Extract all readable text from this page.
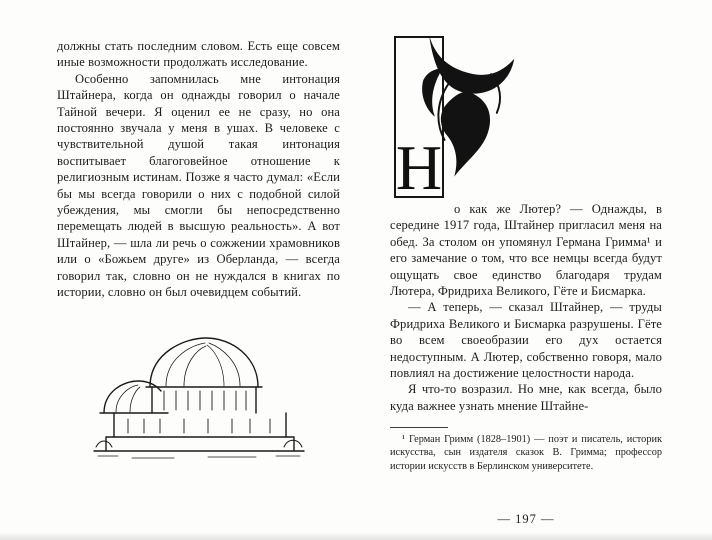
должны стать последним словом. Есть еще совсем иные возможности продолжать исследование.

Особенно запомнилась мне интонация Штайнера, когда он однажды говорил о начале Тайной вечери. Я оценил ее не сразу, но она постоянно звучала у меня в ушах. В человеке с чувствительной душой такая интонация воспитывает благоговейное отношение к религиозным истинам. Позже я часто думал: «Если бы мы всегда говорили о них с подобной силой убеждения, мы смогли бы непосредственно перемещать людей в высшую реальность». А вот Штайнер, — шла ли речь о сожжении храмовников или о «Божьем друге» из Оберланда, — всегда говорил так, словно он не нуждался в книгах по истории, словно он был очевидцем событий.

Н

о как же Лютер? — Однажды, в середине 1917 года, Штайнер пригласил меня на обед. За столом он упомянул Германа Гримма¹ и его замечание о том, что все немцы всегда будут ощущать свое единство благодаря трудам Лютера, Фридриха Великого, Гёте и Бисмарка.

— А теперь, — сказал Штайнер, — труды Фридриха Великого и Бисмарка разрушены. Гёте во всем своеобразии его дух остается недоступным. А Лютер, собственно говоря, мало повлиял на достижение целостности народа.

Я что-то возразил. Но мне, как всегда, было куда важнее узнать мнение Штайне-

¹ Герман Гримм (1828–1901) — поэт и писатель, историк искусства, сын издателя сказок В. Гримма; профессор истории искусств в Берлинском университете.

— 197 —
